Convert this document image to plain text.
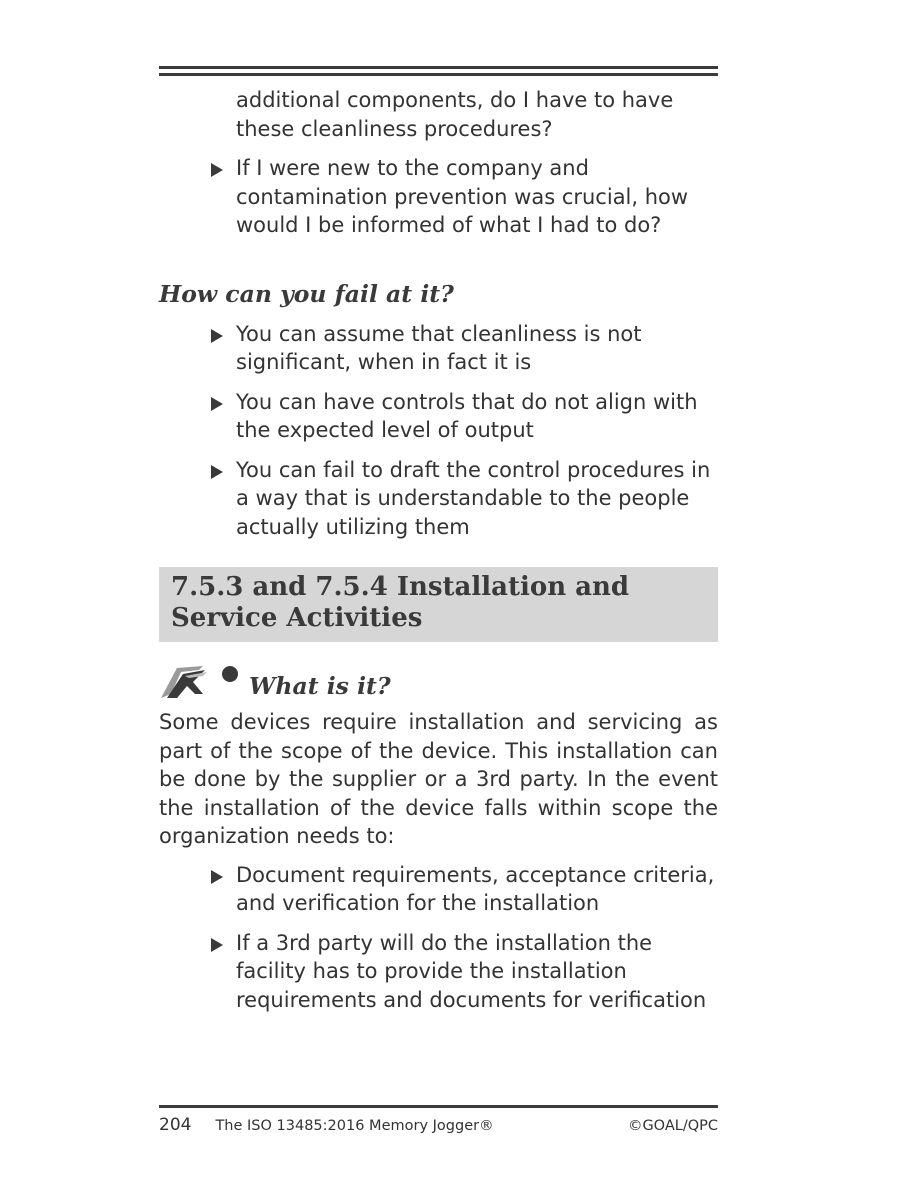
additional components, do I have to have these cleanliness procedures?
If I were new to the company and contamination prevention was crucial, how would I be informed of what I had to do?
How can you fail at it?
You can assume that cleanliness is not significant, when in fact it is
You can have controls that do not align with the expected level of output
You can fail to draft the control procedures in a way that is understandable to the people actually utilizing them
7.5.3 and 7.5.4 Installation and Service Activities
What is it?

Some devices require installation and servicing as part of the scope of the device. This installation can be done by the supplier or a 3rd party. In the event the installation of the device falls within scope the organization needs to:

Document requirements, acceptance criteria, and verification for the installation
If a 3rd party will do the installation the facility has to provide the installation requirements and documents for verification
204 The ISO 13485:2016 Memory Jogger®	©GOAL/QPC
